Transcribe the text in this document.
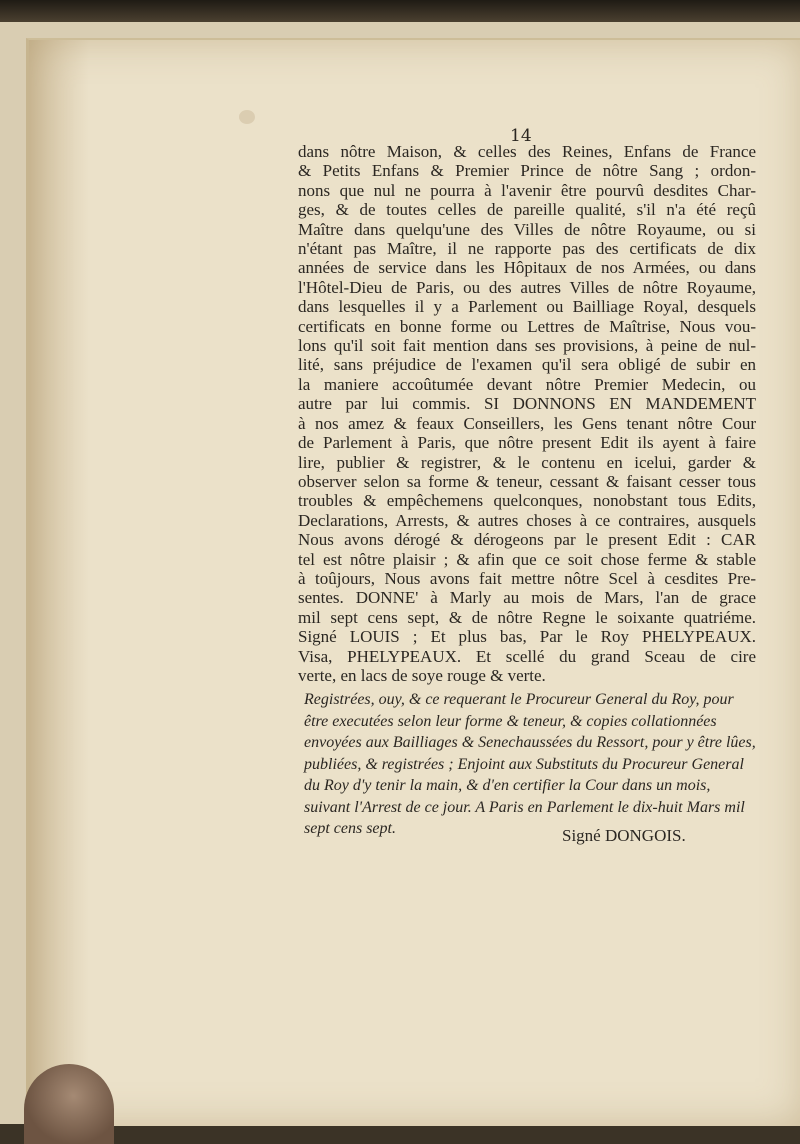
14
dans nôtre Maison, & celles des Reines, Enfans de France
& Petits Enfans & Premier Prince de nôtre Sang ; ordon-
nons que nul ne pourra à l'avenir être pourvû desdites Char-
ges, & de toutes celles de pareille qualité, s'il n'a été reçû
Maître dans quelqu'une des Villes de nôtre Royaume, ou si
n'étant pas Maître, il ne rapporte pas des certificats de dix
années de service dans les Hôpitaux de nos Armées, ou dans
l'Hôtel-Dieu de Paris, ou des autres Villes de nôtre Royaume,
dans lesquelles il y a Parlement ou Bailliage Royal, desquels
certificats en bonne forme ou Lettres de Maîtrise, Nous vou-
lons qu'il soit fait mention dans ses provisions, à peine de nul-
lité, sans préjudice de l'examen qu'il sera obligé de subir en
la maniere accoûtumée devant nôtre Premier Medecin, ou
autre par lui commis. SI DONNONS EN MANDEMENT
à nos amez & feaux Conseillers, les Gens tenant nôtre Cour
de Parlement à Paris, que nôtre present Edit ils ayent à faire
lire, publier & registrer, & le contenu en icelui, garder &
observer selon sa forme & teneur, cessant & faisant cesser tous
troubles & empêchemens quelconques, nonobstant tous Edits,
Declarations, Arrests, & autres choses à ce contraires, ausquels
Nous avons dérogé & dérogeons par le present Edit : CAR
tel est nôtre plaisir ; & afin que ce soit chose ferme & stable
à toûjours, Nous avons fait mettre nôtre Scel à cesdites Pre-
sentes. DONNE' à Marly au mois de Mars, l'an de grace
mil sept cens sept, & de nôtre Regne le soixante quatriéme.
Signé LOUIS ; Et plus bas, Par le Roy PHELYPEAUX.
Visa, PHELYPEAUX. Et scellé du grand Sceau de cire
verte, en lacs de soye rouge & verte.
Registrées, ouy, & ce requerant le Procureur General du Roy, pour être executées selon leur forme & teneur, & copies collationnées envoyées aux Bailliages & Senechaussées du Ressort, pour y être lûes, publiées, & registrées ; Enjoint aux Substituts du Procureur General du Roy d'y tenir la main, & d'en certifier la Cour dans un mois, suivant l'Arrest de ce jour. A Paris en Parlement le dix-huit Mars mil sept cens sept.	Signé DONGOIS.
